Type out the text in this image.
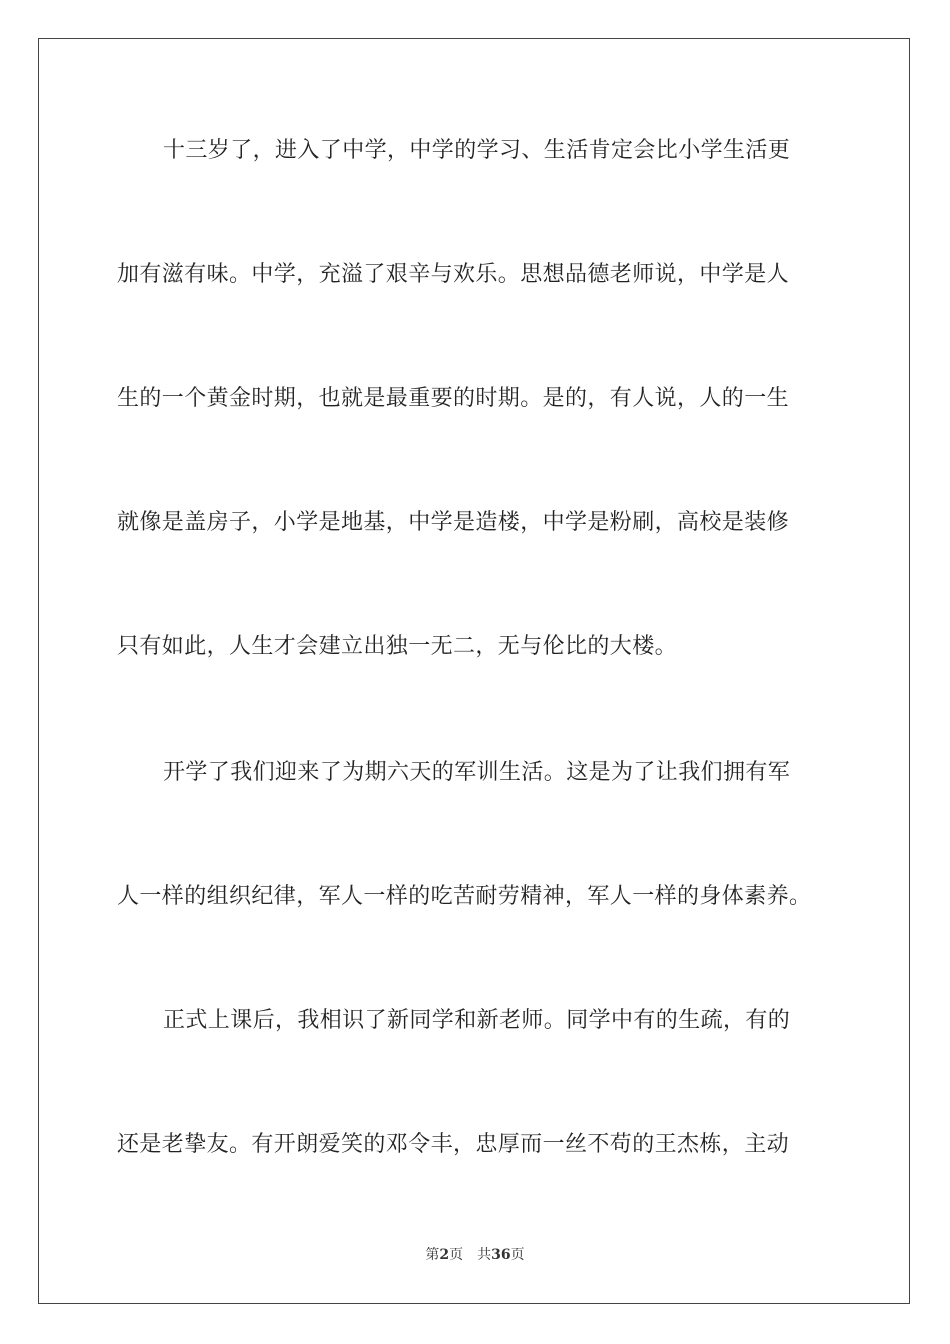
十三岁了，进入了中学，中学的学习、生活肯定会比小学生活更
加有滋有味。中学，充溢了艰辛与欢乐。思想品德老师说，中学是人
生的一个黄金时期，也就是最重要的时期。是的，有人说，人的一生
就像是盖房子，小学是地基，中学是造楼，中学是粉刷，高校是装修
只有如此，人生才会建立出独一无二，无与伦比的大楼。
开学了我们迎来了为期六天的军训生活。这是为了让我们拥有军
人一样的组织纪律，军人一样的吃苦耐劳精神，军人一样的身体素养。
正式上课后，我相识了新同学和新老师。同学中有的生疏，有的
还是老挚友。有开朗爱笑的邓令丰，忠厚而一丝不苟的王杰栋，主动
第2页 共36页
